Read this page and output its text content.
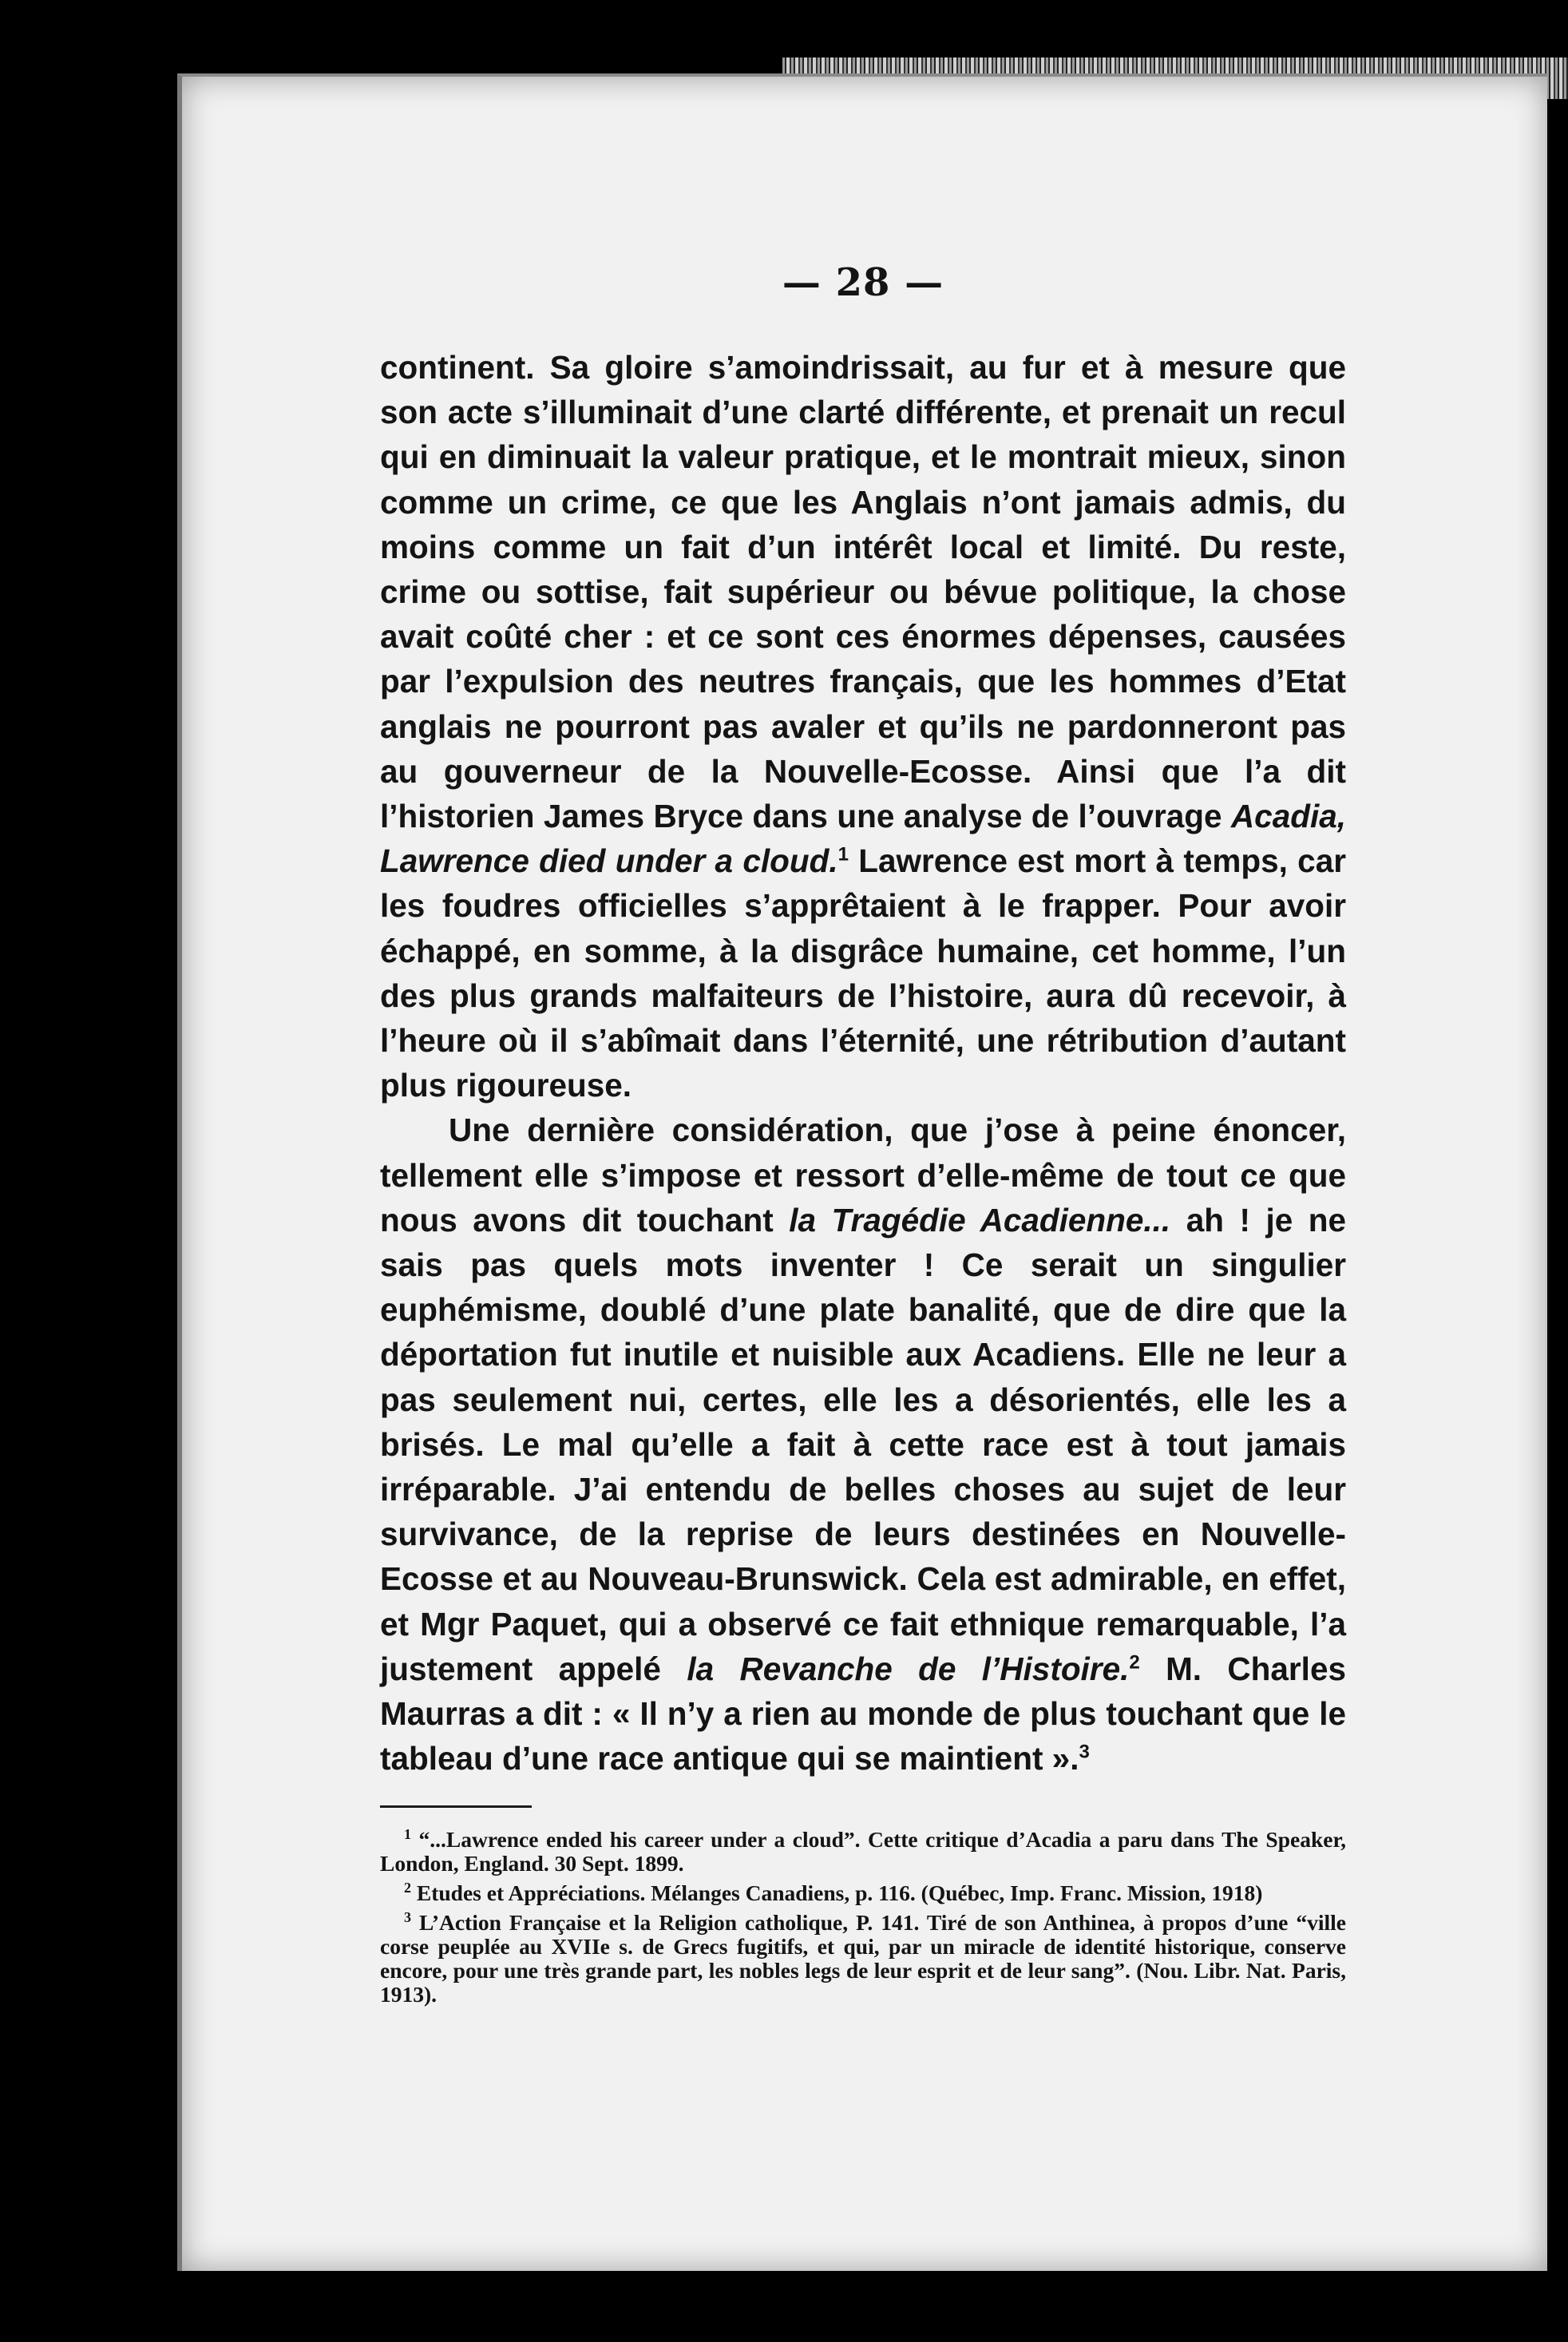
— 28 —

continent. Sa gloire s’amoindrissait, au fur et à mesure que son acte s’illuminait d’une clarté différente, et prenait un recul qui en diminuait la valeur pratique, et le montrait mieux, sinon comme un crime, ce que les Anglais n’ont jamais admis, du moins comme un fait d’un intérêt local et limité. Du reste, crime ou sottise, fait supérieur ou bévue politique, la chose avait coûté cher : et ce sont ces énormes dépenses, causées par l’expulsion des neutres français, que les hommes d’Etat anglais ne pourront pas avaler et qu’ils ne pardonneront pas au gouverneur de la Nouvelle-Ecosse. Ainsi que l’a dit l’historien James Bryce dans une analyse de l’ouvrage Acadia, Lawrence died under a cloud.$^1$ Lawrence est mort à temps, car les foudres officielles s’apprêtaient à le frapper. Pour avoir échappé, en somme, à la disgrâce humaine, cet homme, l’un des plus grands malfaiteurs de l’histoire, aura dû recevoir, à l’heure où il s’abîmait dans l’éternité, une rétribution d’autant plus rigoureuse.

Une dernière considération, que j’ose à peine énoncer, tellement elle s’impose et ressort d’elle-même de tout ce que nous avons dit touchant la Tragédie Acadienne... ah ! je ne sais pas quels mots inventer ! Ce serait un singulier euphémisme, doublé d’une plate banalité, que de dire que la déportation fut inutile et nuisible aux Acadiens. Elle ne leur a pas seulement nui, certes, elle les a désorientés, elle les a brisés. Le mal qu’elle a fait à cette race est à tout jamais irréparable. J’ai entendu de belles choses au sujet de leur survivance, de la reprise de leurs destinées en Nouvelle-Ecosse et au Nouveau-Brunswick. Cela est admirable, en effet, et Mgr Paquet, qui a observé ce fait ethnique remarquable, l’a justement appelé la Revanche de l’Histoire.$^2$ M. Charles Maurras a dit : « Il n’y a rien au monde de plus touchant que le tableau d’une race antique qui se maintient ».$^3$

$^1$ “...Lawrence ended his career under a cloud”. Cette critique d’Acadia a paru dans The Speaker, London, England. 30 Sept. 1899.

$^2$ Etudes et Appréciations. Mélanges Canadiens, p. 116. (Québec, Imp. Franc. Mission, 1918)

$^3$ L’Action Française et la Religion catholique, P. 141. Tiré de son Anthinea, à propos d’une “ville corse peuplée au XVIIe s. de Grecs fugitifs, et qui, par un miracle de identité historique, conserve encore, pour une très grande part, les nobles legs de leur esprit et de leur sang”. (Nou. Libr. Nat. Paris, 1913).
